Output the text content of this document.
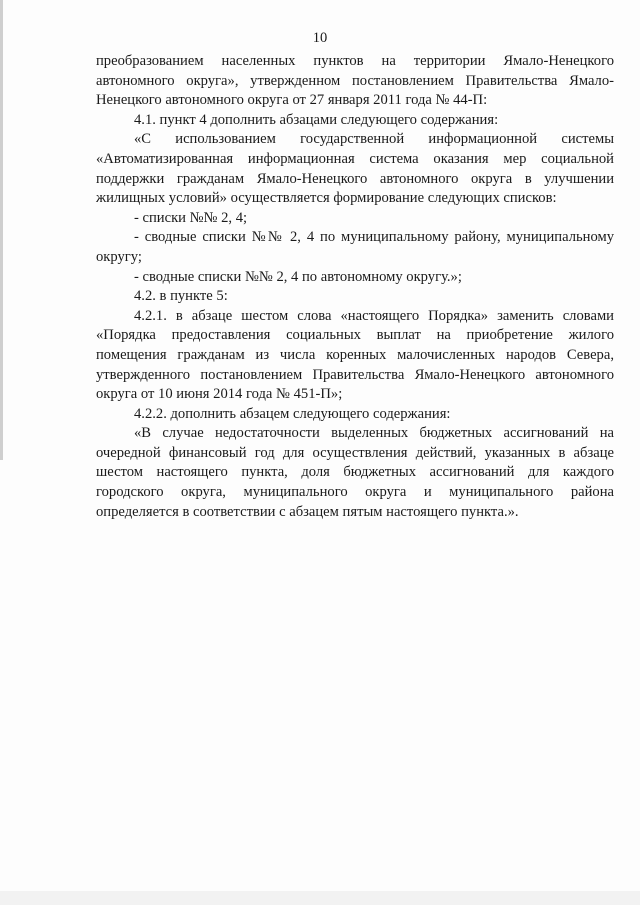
10

преобразованием населенных пунктов на территории Ямало-Ненецкого автономного округа», утвержденном постановлением Правительства Ямало-Ненецкого автономного округа от 27 января 2011 года № 44-П:

4.1. пункт 4 дополнить абзацами следующего содержания:

«С использованием государственной информационной системы «Автоматизированная информационная система оказания мер социальной поддержки гражданам Ямало-Ненецкого автономного округа в улучшении жилищных условий» осуществляется формирование следующих списков:

- списки №№ 2, 4;

- сводные списки №№ 2, 4 по муниципальному району, муниципальному округу;

- сводные списки №№ 2, 4 по автономному округу.»;

4.2. в пункте 5:

4.2.1. в абзаце шестом слова «настоящего Порядка» заменить словами «Порядка предоставления социальных выплат на приобретение жилого помещения гражданам из числа коренных малочисленных народов Севера, утвержденного постановлением Правительства Ямало-Ненецкого автономного округа от 10 июня 2014 года № 451-П»;

4.2.2. дополнить абзацем следующего содержания:

«В случае недостаточности выделенных бюджетных ассигнований на очередной финансовый год для осуществления действий, указанных в абзаце шестом настоящего пункта, доля бюджетных ассигнований для каждого городского округа, муниципального округа и муниципального района определяется в соответствии с абзацем пятым настоящего пункта.».
